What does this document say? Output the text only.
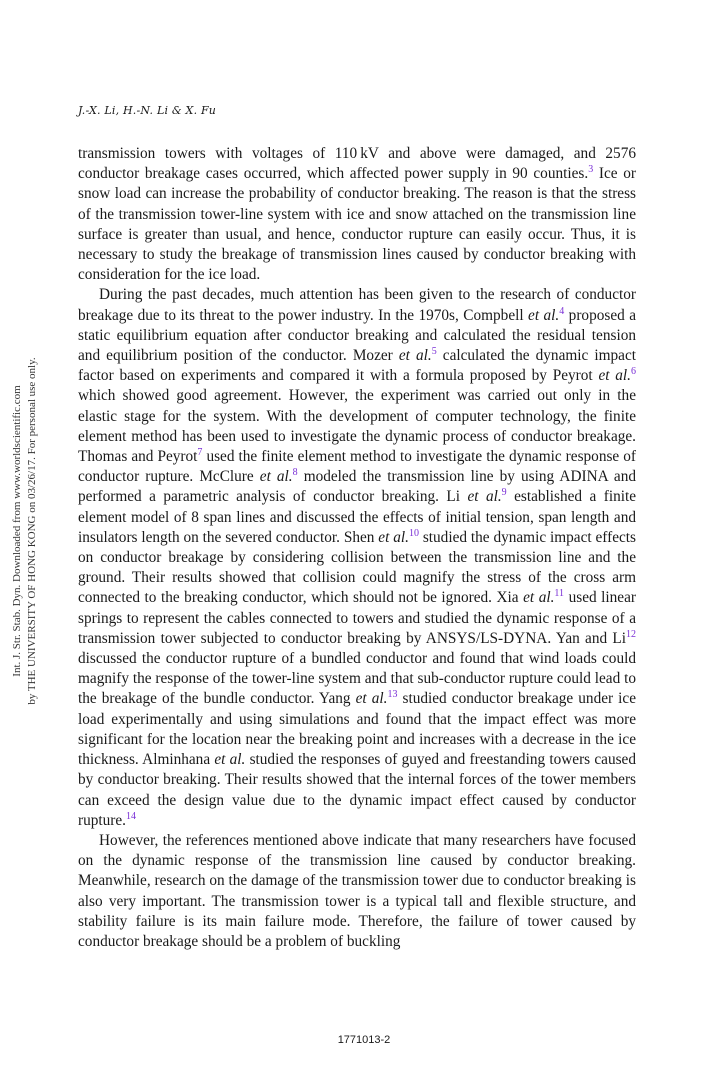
J.-X. Li, H.-N. Li & X. Fu
Int. J. Str. Stab. Dyn. Downloaded from www.worldscientific.com by THE UNIVERSITY OF HONG KONG on 03/26/17. For personal use only.

transmission towers with voltages of 110 kV and above were damaged, and 2576 conductor breakage cases occurred, which affected power supply in 90 counties.$^3$ Ice or snow load can increase the probability of conductor breaking. The reason is that the stress of the transmission tower-line system with ice and snow attached on the transmission line surface is greater than usual, and hence, conductor rupture can easily occur. Thus, it is necessary to study the breakage of transmission lines caused by conductor breaking with consideration for the ice load.

During the past decades, much attention has been given to the research of conductor breakage due to its threat to the power industry. In the 1970s, Compbell et al.$^4$ proposed a static equilibrium equation after conductor breaking and calculated the residual tension and equilibrium position of the conductor. Mozer et al.$^5$ calculated the dynamic impact factor based on experiments and compared it with a formula proposed by Peyrot et al.$^6$ which showed good agreement. However, the experiment was carried out only in the elastic stage for the system. With the development of computer technology, the finite element method has been used to investigate the dynamic process of conductor breakage. Thomas and Peyrot$^7$ used the finite element method to investigate the dynamic response of conductor rupture. McClure et al.$^8$ modeled the transmission line by using ADINA and performed a parametric analysis of conductor breaking. Li et al.$^9$ established a finite element model of 8 span lines and discussed the effects of initial tension, span length and insulators length on the severed conductor. Shen et al.$^{10}$ studied the dynamic impact effects on conductor breakage by considering collision between the transmission line and the ground. Their results showed that collision could magnify the stress of the cross arm connected to the breaking conductor, which should not be ignored. Xia et al.$^{11}$ used linear springs to represent the cables connected to towers and studied the dynamic response of a transmission tower subjected to conductor breaking by ANSYS/LS-DYNA. Yan and Li$^{12}$ discussed the conductor rupture of a bundled conductor and found that wind loads could magnify the response of the tower-line system and that sub-conductor rupture could lead to the breakage of the bundle conductor. Yang et al.$^{13}$ studied conductor breakage under ice load experimentally and using simulations and found that the impact effect was more significant for the location near the breaking point and increases with a decrease in the ice thickness. Alminhana et al. studied the responses of guyed and freestanding towers caused by conductor breaking. Their results showed that the internal forces of the tower members can exceed the design value due to the dynamic impact effect caused by conductor rupture.$^{14}$

However, the references mentioned above indicate that many researchers have focused on the dynamic response of the transmission line caused by conductor breaking. Meanwhile, research on the damage of the transmission tower due to conductor breaking is also very important. The transmission tower is a typical tall and flexible structure, and stability failure is its main failure mode. Therefore, the failure of tower caused by conductor breakage should be a problem of buckling

1771013-2
